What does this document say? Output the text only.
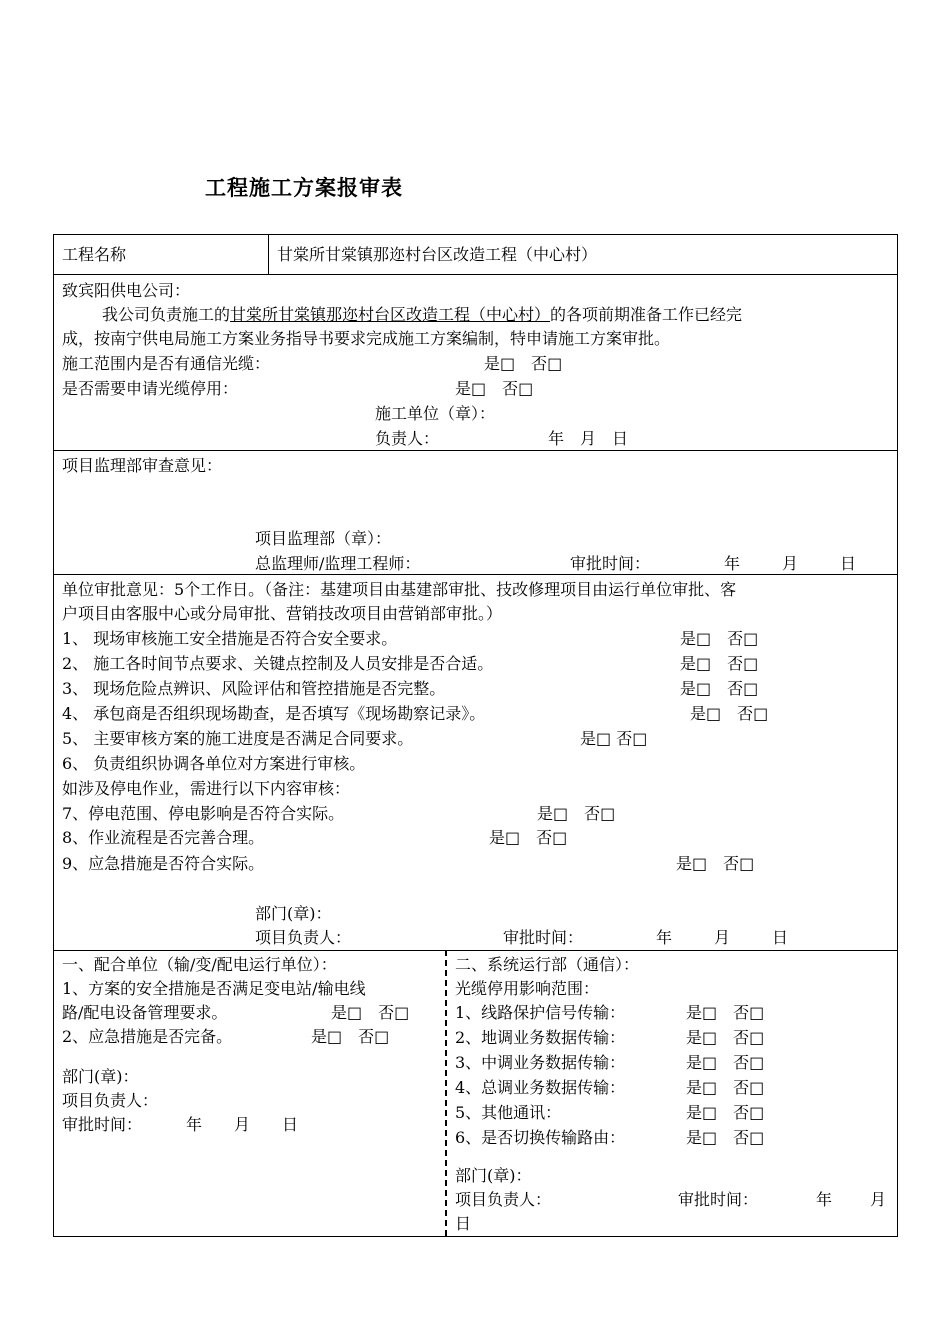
工程施工方案报审表
工程名称	甘棠所甘棠镇那迩村台区改造工程（中心村）
致宾阳供电公司：
我公司负责施工的甘棠所甘棠镇那迩村台区改造工程（中心村）的各项前期准备工作已经完
成，按南宁供电局施工方案业务指导书要求完成施工方案编制，特申请施工方案审批。
施工范围内是否有通信光缆：	是□　否□
是否需要申请光缆停用：	是□　否□
施工单位（章）：
负责人：	年　月　日
项目监理部审查意见：
项目监理部（章）：
总监理师/监理工程师：	审批时间：	年	月	日
单位审批意见：5个工作日。（备注：基建项目由基建部审批、技改修理项目由运行单位审批、客
户项目由客服中心或分局审批、营销技改项目由营销部审批。）
1、 现场审核施工安全措施是否符合安全要求。	是□　否□
2、 施工各时间节点要求、关键点控制及人员安排是否合适。	是□　否□
3、 现场危险点辨识、风险评估和管控措施是否完整。	是□　否□
4、 承包商是否组织现场勘查，是否填写《现场勘察记录》。	是□　否□
5、 主要审核方案的施工进度是否满足合同要求。	是□ 否□
6、 负责组织协调各单位对方案进行审核。
如涉及停电作业，需进行以下内容审核：
7、停电范围、停电影响是否符合实际。	是□　否□
8、作业流程是否完善合理。	是□　否□
9、应急措施是否符合实际。	是□　否□
部门(章)：
项目负责人：	审批时间：	年	月	日
一、配合单位（输/变/配电运行单位）：
1、方案的安全措施是否满足变电站/输电线
路/配电设备管理要求。	是□　否□
2、应急措施是否完备。	是□　否□
部门(章)：
项目负责人：
审批时间：	年　　月　　日
二、系统运行部（通信）：
光缆停用影响范围：
1、线路保护信号传输：	是□　否□
2、地调业务数据传输：	是□　否□
3、中调业务数据传输：	是□　否□
4、总调业务数据传输：	是□　否□
5、其他通讯：	是□　否□
6、是否切换传输路由：	是□　否□
部门(章)：
项目负责人：	审批时间：	年 月
日
